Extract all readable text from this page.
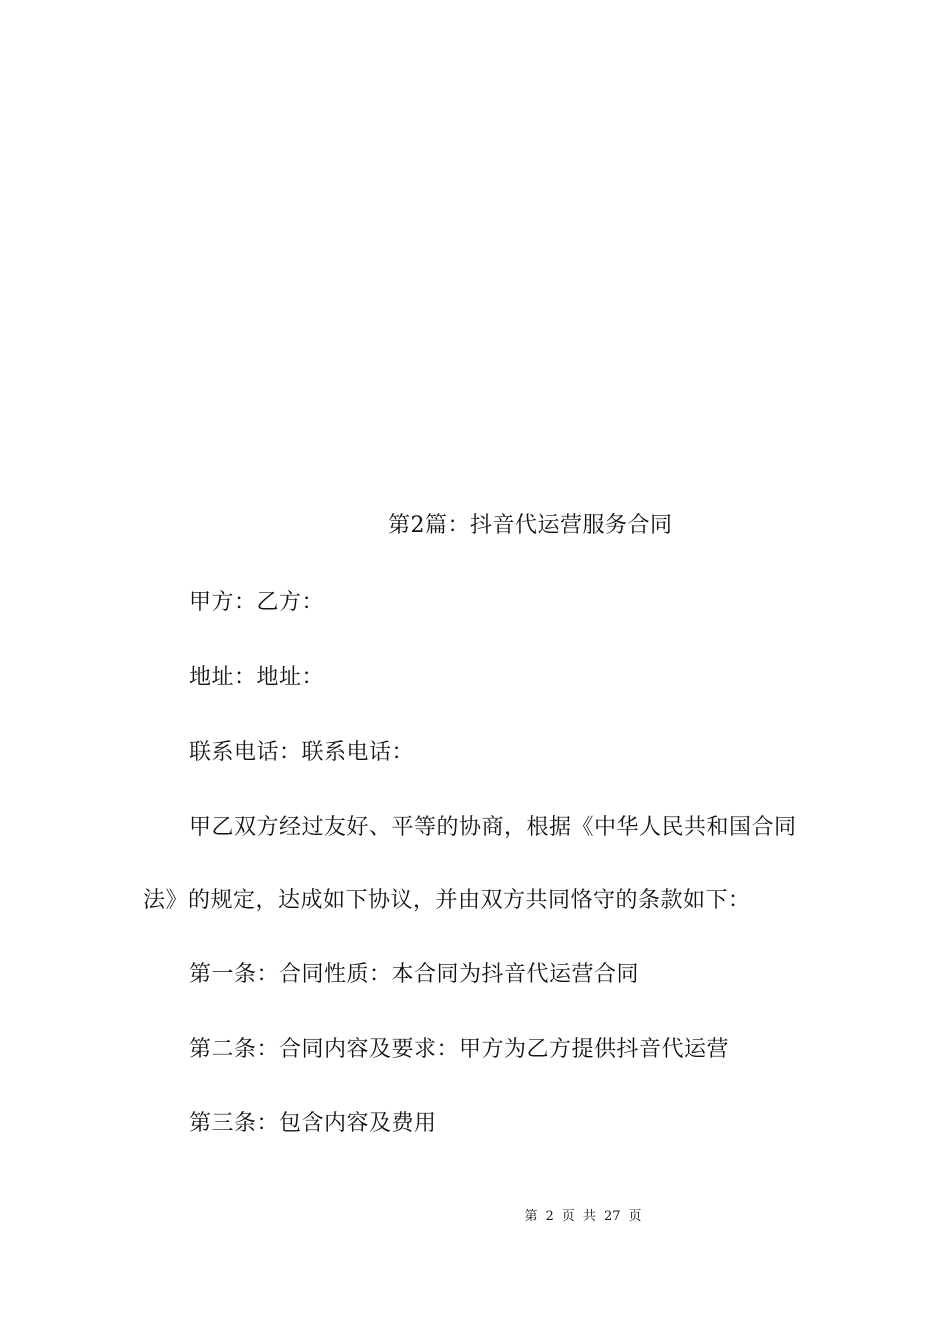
第2篇：抖音代运营服务合同
甲方：乙方：
地址：地址：
联系电话：联系电话：
甲乙双方经过友好、平等的协商，根据《中华人民共和国合同
法》的规定，达成如下协议，并由双方共同恪守的条款如下：
第一条：合同性质：本合同为抖音代运营合同
第二条：合同内容及要求：甲方为乙方提供抖音代运营
第三条：包含内容及费用
第 2 页 共 27 页
